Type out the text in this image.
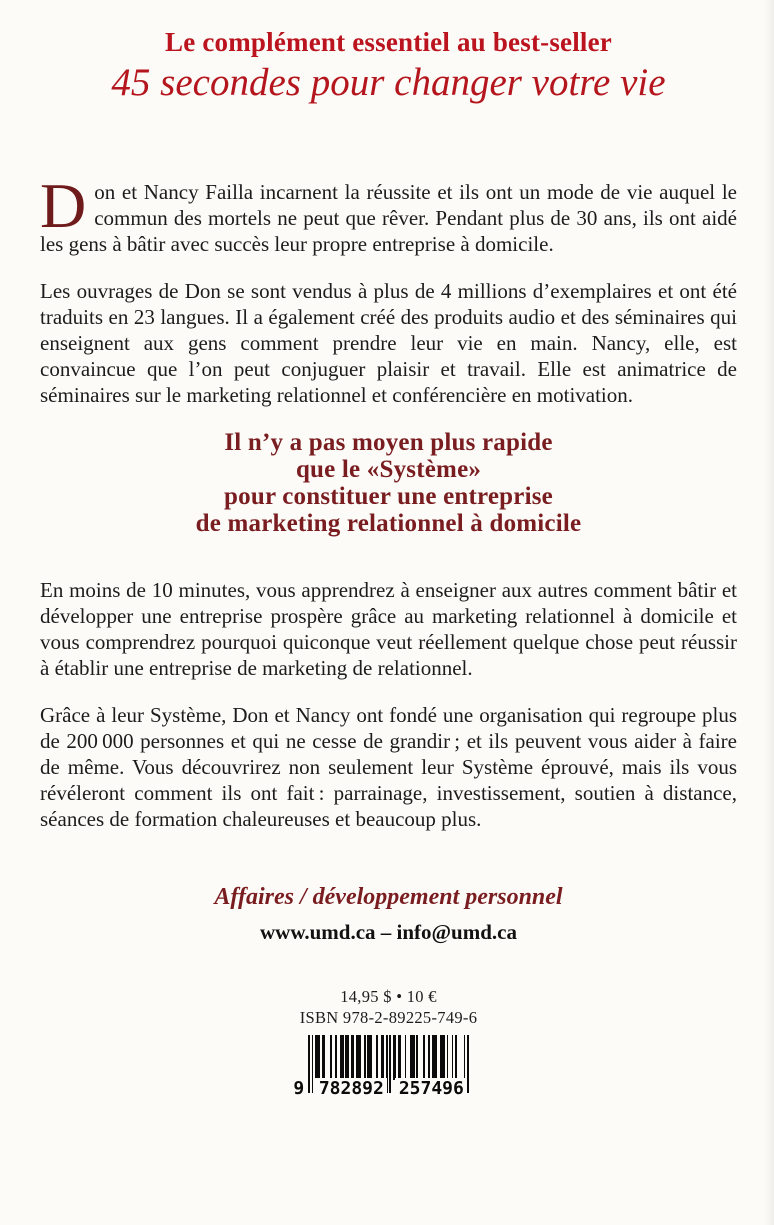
Le complément essentiel au best-seller
45 secondes pour changer votre vie

Don et Nancy Failla incarnent la réussite et ils ont un mode de vie auquel le commun des mortels ne peut que rêver. Pendant plus de 30 ans, ils ont aidé les gens à bâtir avec succès leur propre entreprise à domicile.

Les ouvrages de Don se sont vendus à plus de 4 millions d’exemplaires et ont été traduits en 23 langues. Il a également créé des produits audio et des séminaires qui enseignent aux gens comment prendre leur vie en main. Nancy, elle, est convaincue que l’on peut conjuguer plaisir et travail. Elle est animatrice de séminaires sur le marketing relationnel et conférencière en motivation.

Il n’y a pas moyen plus rapide
que le «Système»
pour constituer une entreprise
de marketing relationnel à domicile

En moins de 10 minutes, vous apprendrez à enseigner aux autres comment bâtir et développer une entreprise prospère grâce au marketing relationnel à domicile et vous comprendrez pourquoi quiconque veut réellement quelque chose peut réussir à établir une entreprise de marketing de relationnel.

Grâce à leur Système, Don et Nancy ont fondé une organisation qui regroupe plus de 200 000 personnes et qui ne cesse de grandir ; et ils peuvent vous aider à faire de même. Vous découvrirez non seulement leur Système éprouvé, mais ils vous révéleront comment ils ont fait : parrainage, investissement, soutien à distance, séances de formation chaleureuses et beaucoup plus.

Affaires / développement personnel
www.umd.ca – info@umd.ca
14,95 $ • 10 €
ISBN 978-2-89225-749-6
9 782892 257496
